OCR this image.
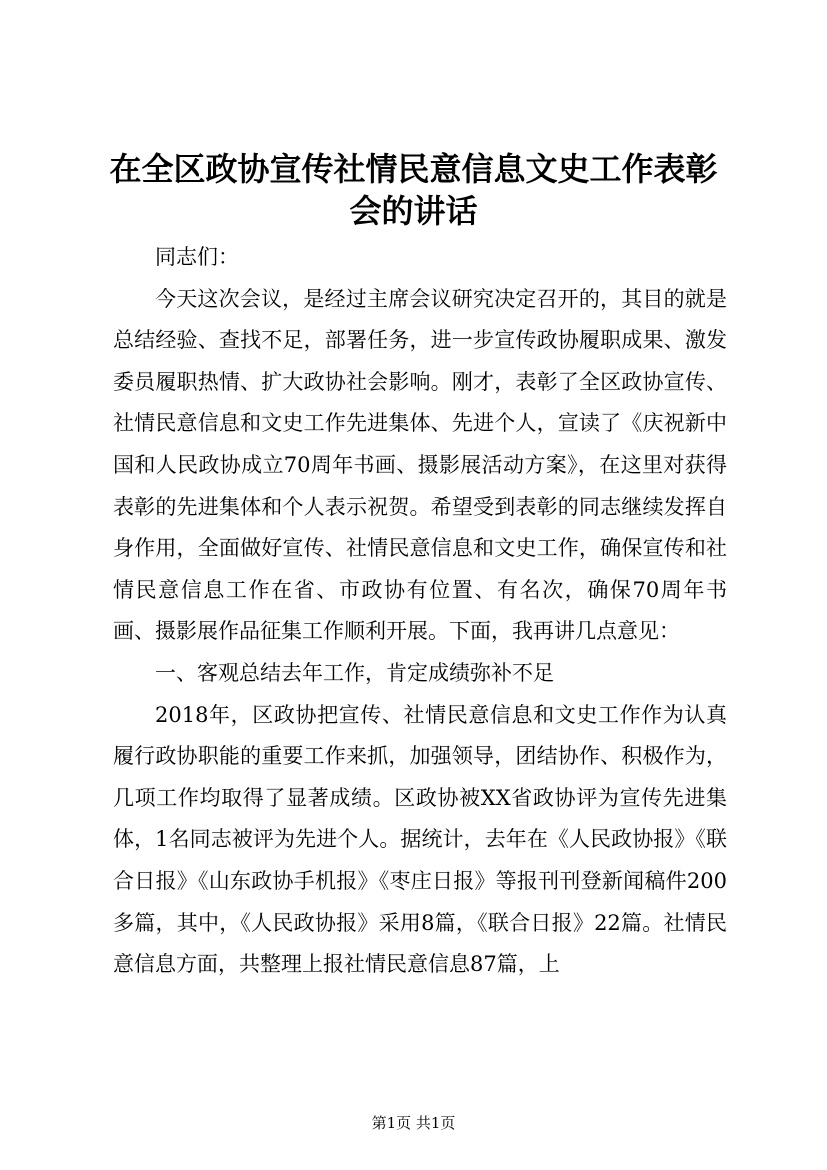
在全区政协宣传社情民意信息文史工作表彰会的讲话

同志们：

今天这次会议，是经过主席会议研究决定召开的，其目的就是总结经验、查找不足，部署任务，进一步宣传政协履职成果、激发委员履职热情、扩大政协社会影响。刚才，表彰了全区政协宣传、社情民意信息和文史工作先进集体、先进个人，宣读了《庆祝新中国和人民政协成立70周年书画、摄影展活动方案》，在这里对获得表彰的先进集体和个人表示祝贺。希望受到表彰的同志继续发挥自身作用，全面做好宣传、社情民意信息和文史工作，确保宣传和社情民意信息工作在省、市政协有位置、有名次，确保70周年书画、摄影展作品征集工作顺利开展。下面，我再讲几点意见：

一、客观总结去年工作，肯定成绩弥补不足

2018年，区政协把宣传、社情民意信息和文史工作作为认真履行政协职能的重要工作来抓，加强领导，团结协作、积极作为，几项工作均取得了显著成绩。区政协被XX省政协评为宣传先进集体，1名同志被评为先进个人。据统计，去年在《人民政协报》《联合日报》《山东政协手机报》《枣庄日报》等报刊刊登新闻稿件200多篇，其中，《人民政协报》采用8篇，《联合日报》22篇。社情民意信息方面，共整理上报社情民意信息87篇，上

第1页 共1页
